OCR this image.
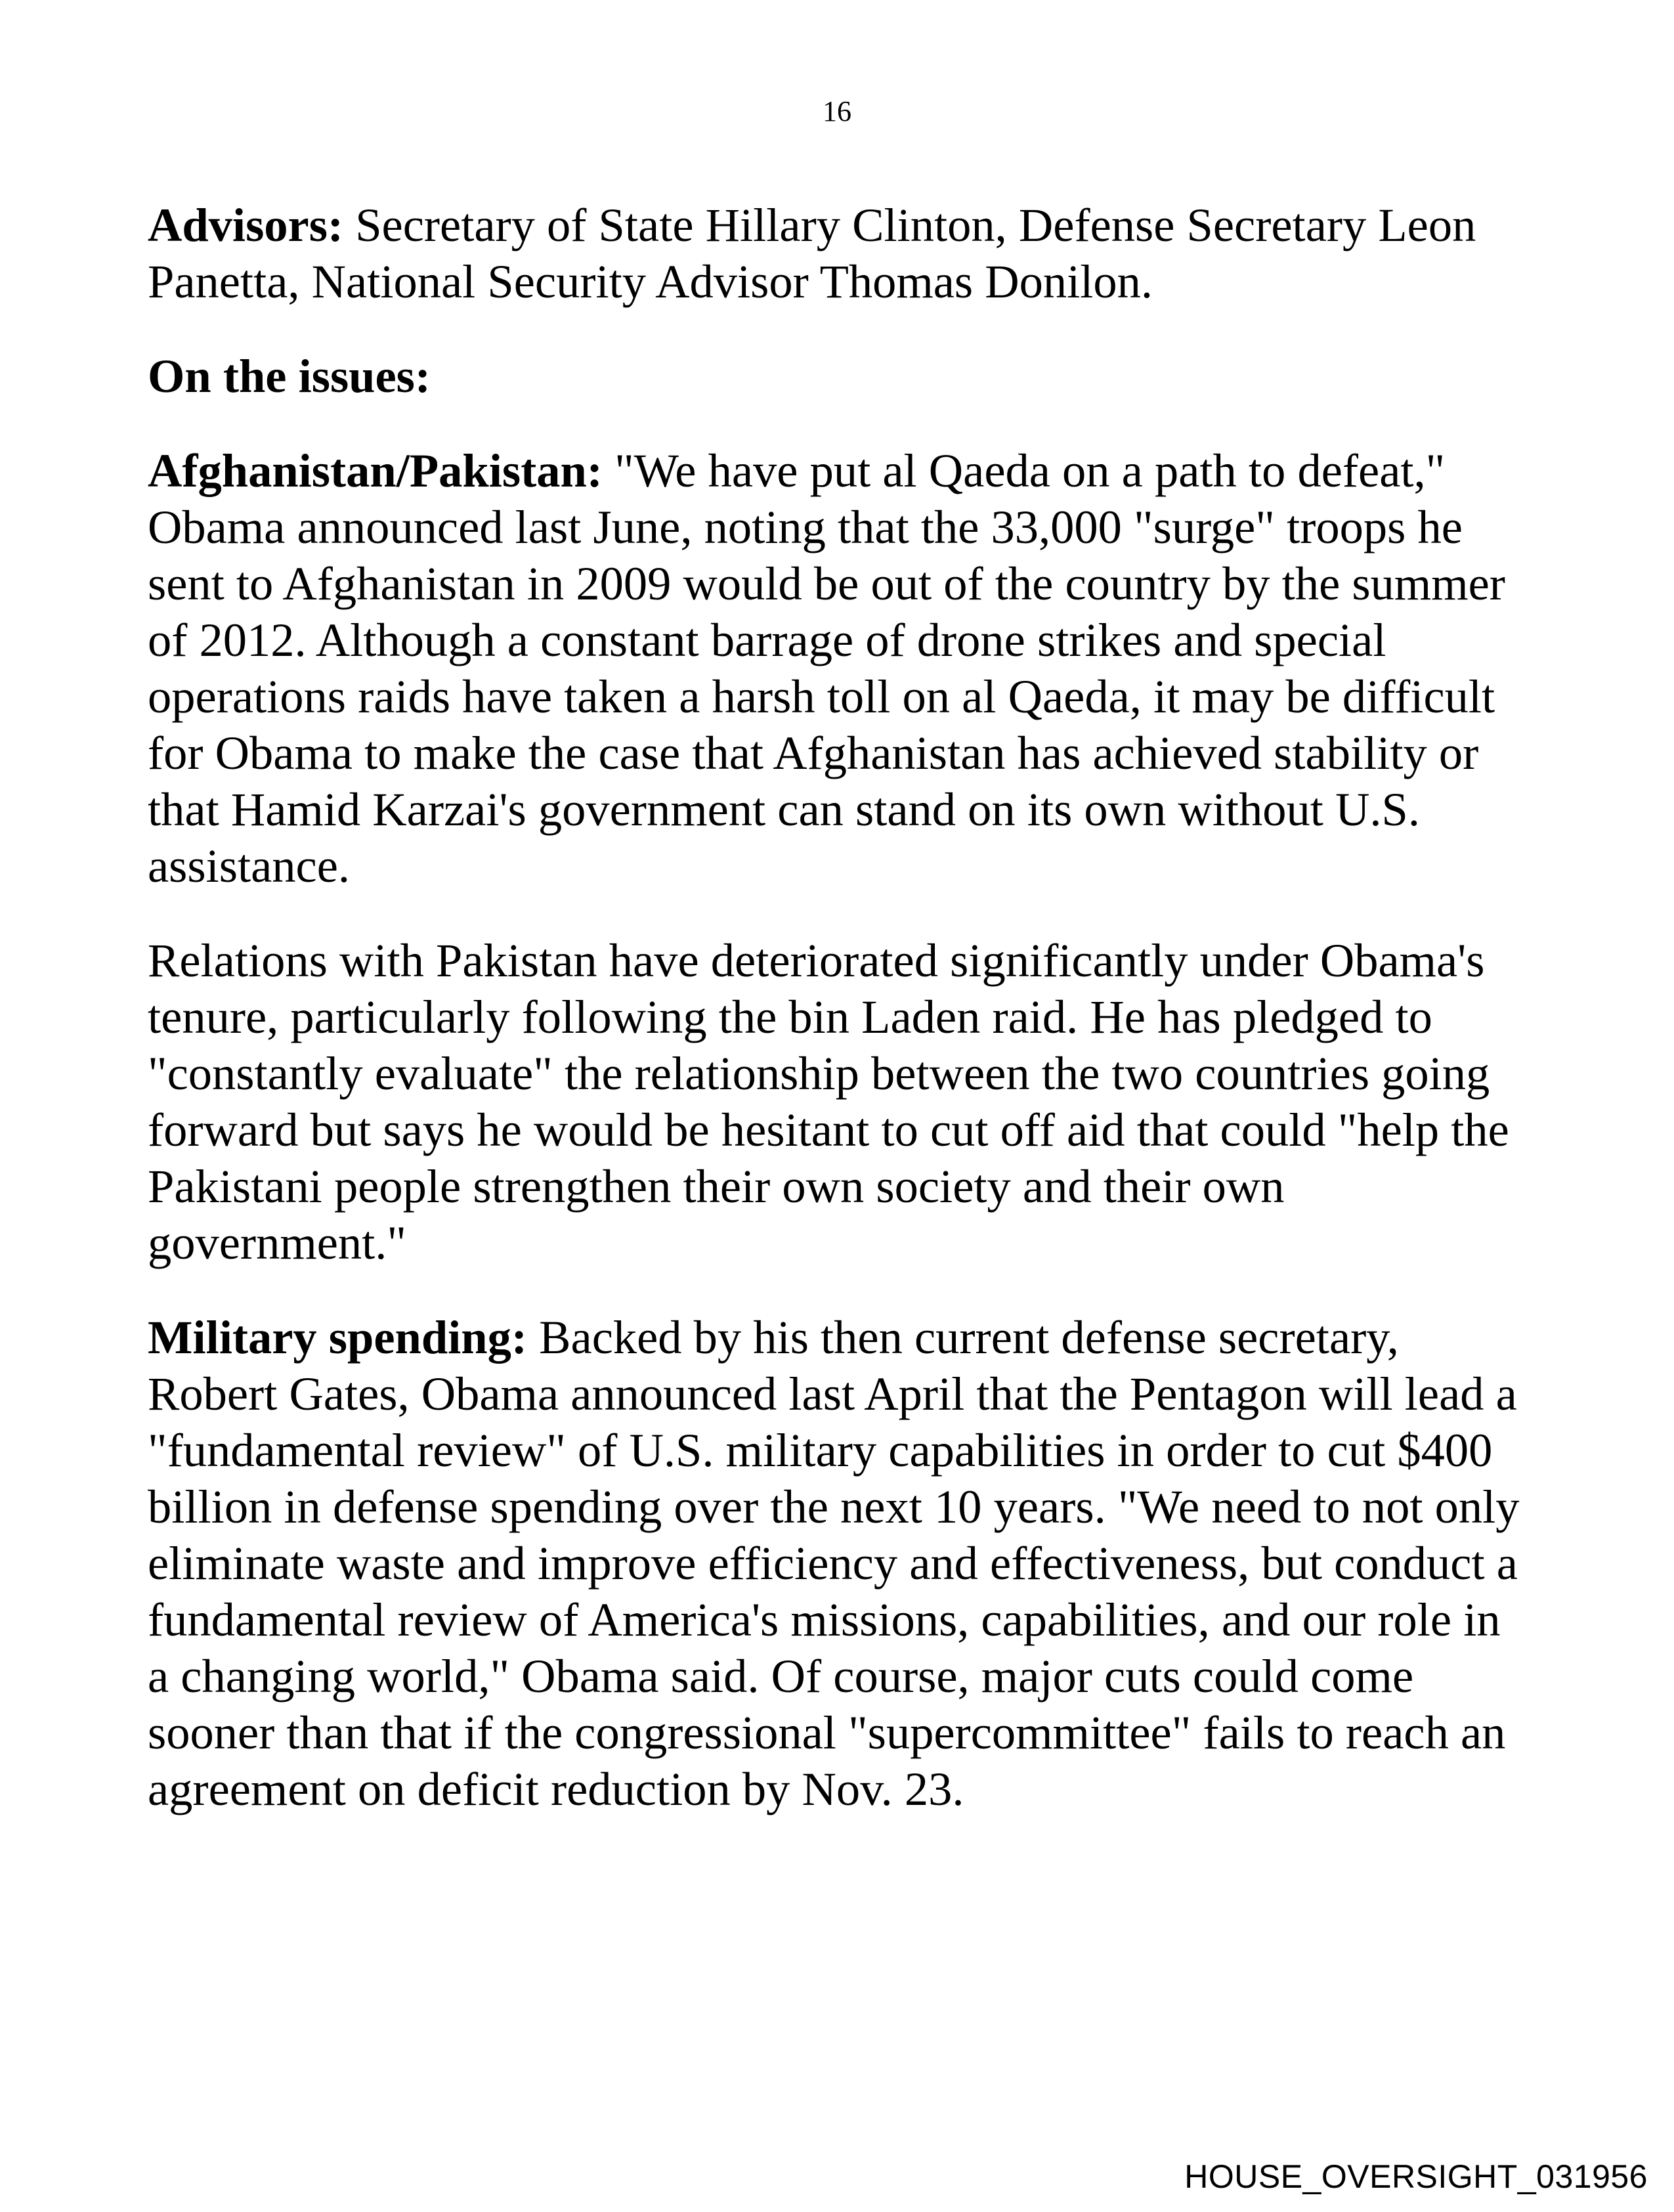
16

Advisors: Secretary of State Hillary Clinton, Defense Secretary Leon Panetta, National Security Advisor Thomas Donilon.

On the issues:

Afghanistan/Pakistan: "We have put al Qaeda on a path to defeat," Obama announced last June, noting that the 33,000 "surge" troops he sent to Afghanistan in 2009 would be out of the country by the summer of 2012. Although a constant barrage of drone strikes and special operations raids have taken a harsh toll on al Qaeda, it may be difficult for Obama to make the case that Afghanistan has achieved stability or that Hamid Karzai's government can stand on its own without U.S. assistance.

Relations with Pakistan have deteriorated significantly under Obama's tenure, particularly following the bin Laden raid. He has pledged to "constantly evaluate" the relationship between the two countries going forward but says he would be hesitant to cut off aid that could "help the Pakistani people strengthen their own society and their own government."

Military spending: Backed by his then current defense secretary, Robert Gates, Obama announced last April that the Pentagon will lead a "fundamental review" of U.S. military capabilities in order to cut $400 billion in defense spending over the next 10 years. "We need to not only eliminate waste and improve efficiency and effectiveness, but conduct a fundamental review of America's missions, capabilities, and our role in a changing world," Obama said. Of course, major cuts could come sooner than that if the congressional "supercommittee" fails to reach an agreement on deficit reduction by Nov. 23.

HOUSE_OVERSIGHT_031956
